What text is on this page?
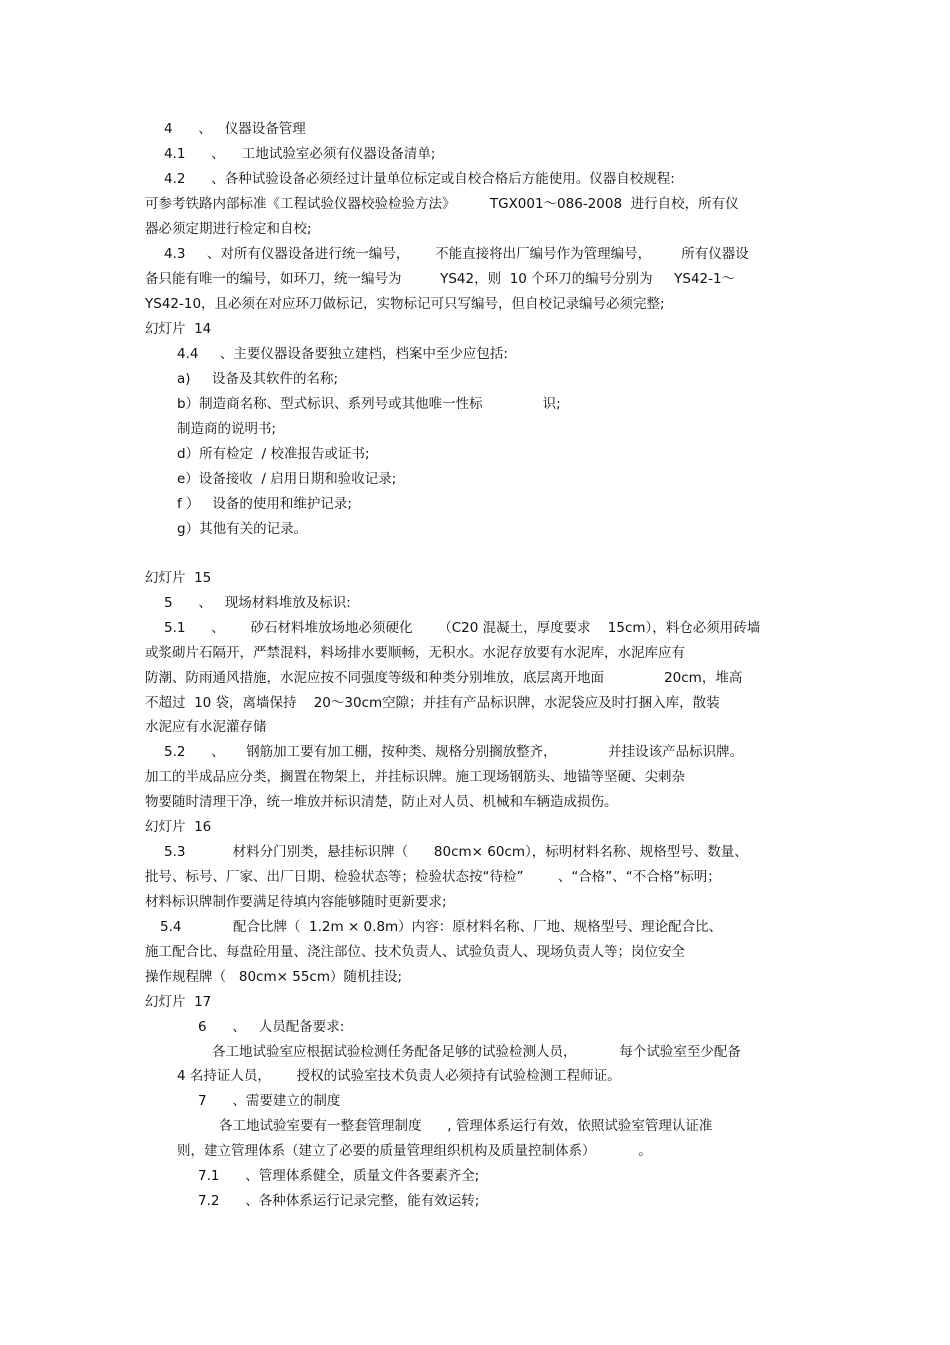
4      、   仪器设备管理
4.1      、    工地试验室必须有仪器设备清单;
4.2      、各种试验设备必须经过计量单位标定或自校合格后方能使用。仪器自校规程:
可参考铁路内部标准《工程试验仪器校验检验方法》        TGX001～086-2008  进行自校，所有仪
器必须定期进行检定和自校;
4.3     、对所有仪器设备进行统一编号，      不能直接将出厂编号作为管理编号，       所有仪器设
备只能有唯一的编号，如环刀，统一编号为         YS42，则  10 个环刀的编号分别为     YS42-1～
YS42-10，且必须在对应环刀做标记，实物标记可只写编号，但自校记录编号必须完整;
幻灯片  14
4.4     、主要仪器设备要独立建档，档案中至少应包括:
a)     设备及其软件的名称;
b）制造商名称、型式标识、系列号或其他唯一性标              识;
制造商的说明书;
d）所有检定  / 校准报告或证书;
e）设备接收  / 启用日期和验收记录;
f ）   设备的使用和维护记录;
g）其他有关的记录。
幻灯片  15
5      、   现场材料堆放及标识:
5.1      、      砂石材料堆放场地必须硬化      （C20 混凝土，厚度要求    15cm），料仓必须用砖墙
或浆砌片石隔开，严禁混料，料场排水要顺畅，无积水。水泥存放要有水泥库，水泥库应有
防潮、防雨通风措施，水泥应按不同强度等级和种类分别堆放，底层离开地面              20cm，堆高
不超过  10 袋，离墙保持    20～30cm空隙；并挂有产品标识牌，水泥袋应及时打捆入库，散装
水泥应有水泥灌存储
5.2      、     钢筋加工要有加工棚，按种类、规格分别搁放整齐，            并挂设该产品标识牌。
加工的半成品应分类，搁置在物架上，并挂标识牌。施工现场钢筋头、地锚等坚硬、尖刺杂
物要随时清理干净，统一堆放并标识清楚，防止对人员、机械和车辆造成损伤。
幻灯片  16
5.3           材料分门别类，悬挂标识牌（      80cm× 60cm），标明材料名称、规格型号、数量、
批号、标号、厂家、出厂日期、检验状态等；检验状态按“待检”        、“合格”、“不合格”标明；
材料标识牌制作要满足待填内容能够随时更新要求;
5.4            配合比牌（  1.2m × 0.8m）内容：原材料名称、厂地、规格型号、理论配合比、
施工配合比、每盘砼用量、浇注部位、技术负责人、试验负责人、现场负责人等；岗位安全
操作规程牌（   80cm× 55cm）随机挂设;
幻灯片  17
6      、   人员配备要求:
各工地试验室应根据试验检测任务配备足够的试验检测人员，          每个试验室至少配备
4 名持证人员，      授权的试验室技术负责人必须持有试验检测工程师证。
7      、需要建立的制度
各工地试验室要有一整套管理制度      , 管理体系运行有效，依照试验室管理认证准
则，建立管理体系（建立了必要的质量管理组织机构及质量控制体系）          。
7.1      、管理体系健全，质量文件各要素齐全;
7.2      、各种体系运行记录完整，能有效运转;
